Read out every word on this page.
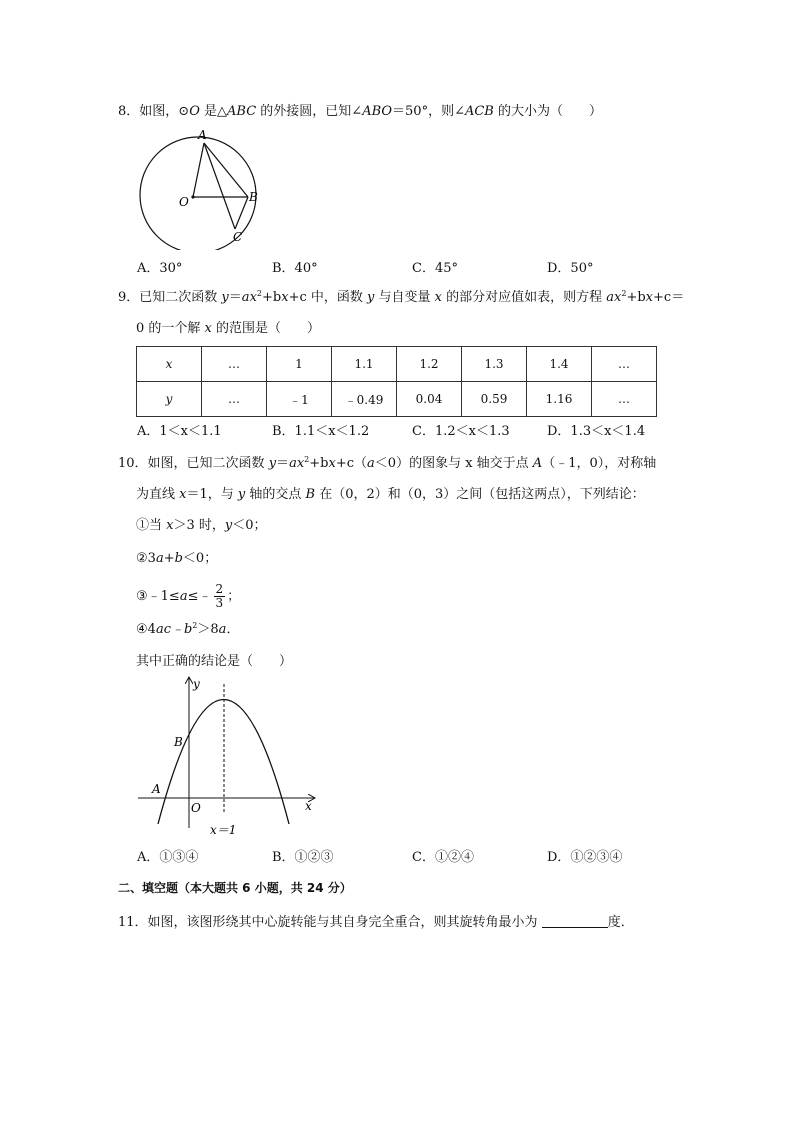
8．如图，⊙O 是△ABC 的外接圆，已知∠ABO＝50°，则∠ACB 的大小为（　　）
A
B
C
O
A．30°	B．40°	C．45°	D．50°
9．已知二次函数 $y=ax^2+bx+c$ 中，函数 y 与自变量 x 的部分对应值如表，则方程 $ax^2+bx+c=$
0 的一个解 x 的范围是（　　）
x	…	1	1.1	1.2	1.3	1.4	…
y	…	﹣1	﹣0.49	0.04	0.59	1.16	…
A．1＜x＜1.1	B．1.1＜x＜1.2	C．1.2＜x＜1.3	D．1.3＜x＜1.4
10．如图，已知二次函数 $y=ax^2+bx+c(a<0)$的图象与 x 轴交于点 A（﹣1，0），对称轴
为直线 x＝1，与 y 轴的交点 B 在（0，2）和（0，3）之间（包括这两点），下列结论：
①当 x＞3 时，y＜0；
②3a+b＜0；
③﹣1≤a≤﹣ $\frac{2}{3}$ ；
$④4ac﹣b^2>8a$．
其中正确的结论是（　　）
y
x
B
A
O
x＝1
A．①③④	B．①②③	C．①②④	D．①②③④
二、填空题（本大题共 6 小题，共 24 分）
11．如图，该图形绕其中心旋转能与其自身完全重合，则其旋转角最小为	度．
